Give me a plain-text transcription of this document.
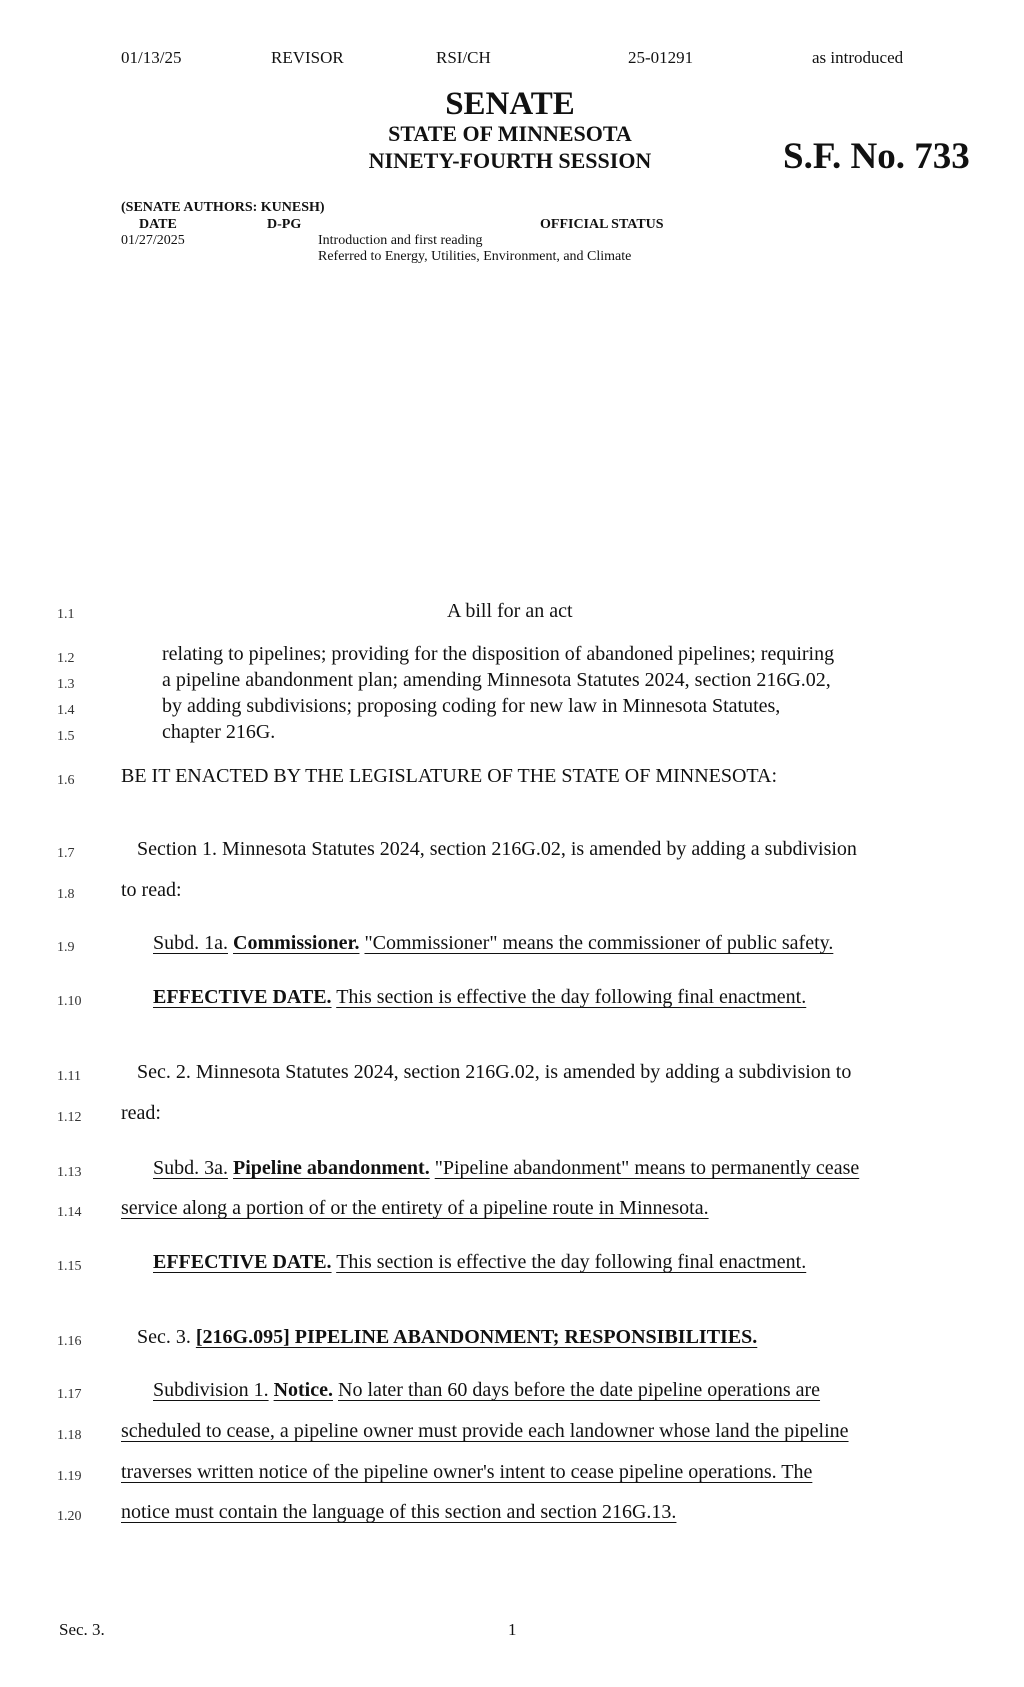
01/13/25	REVISOR	RSI/CH	25-01291	as introduced
SENATE
STATE OF MINNESOTA
NINETY-FOURTH SESSION	S.F. No. 733
(SENATE AUTHORS: KUNESH)
DATE	D-PG	OFFICIAL STATUS
01/27/2025	Introduction and first reading
Referred to Energy, Utilities, Environment, and Climate
1.1
1.2
1.3
1.4
1.5
1.6
1.7
1.8
1.9
1.10
1.11
1.12
1.13
1.14
1.15
1.16
1.17
1.18
1.19
1.20
A bill for an act
relating to pipelines; providing for the disposition of abandoned pipelines; requiring
a pipeline abandonment plan; amending Minnesota Statutes 2024, section 216G.02,
by adding subdivisions; proposing coding for new law in Minnesota Statutes,
chapter 216G.
BE IT ENACTED BY THE LEGISLATURE OF THE STATE OF MINNESOTA:
Section 1. Minnesota Statutes 2024, section 216G.02, is amended by adding a subdivision
to read:
Subd. 1a. Commissioner. "Commissioner" means the commissioner of public safety.
EFFECTIVE DATE. This section is effective the day following final enactment.
Sec. 2. Minnesota Statutes 2024, section 216G.02, is amended by adding a subdivision to
read:
Subd. 3a. Pipeline abandonment. "Pipeline abandonment" means to permanently cease
service along a portion of or the entirety of a pipeline route in Minnesota.
EFFECTIVE DATE. This section is effective the day following final enactment.
Sec. 3. [216G.095] PIPELINE ABANDONMENT; RESPONSIBILITIES.
Subdivision 1. Notice. No later than 60 days before the date pipeline operations are
scheduled to cease, a pipeline owner must provide each landowner whose land the pipeline
traverses written notice of the pipeline owner's intent to cease pipeline operations. The
notice must contain the language of this section and section 216G.13.
Sec. 3.	1
